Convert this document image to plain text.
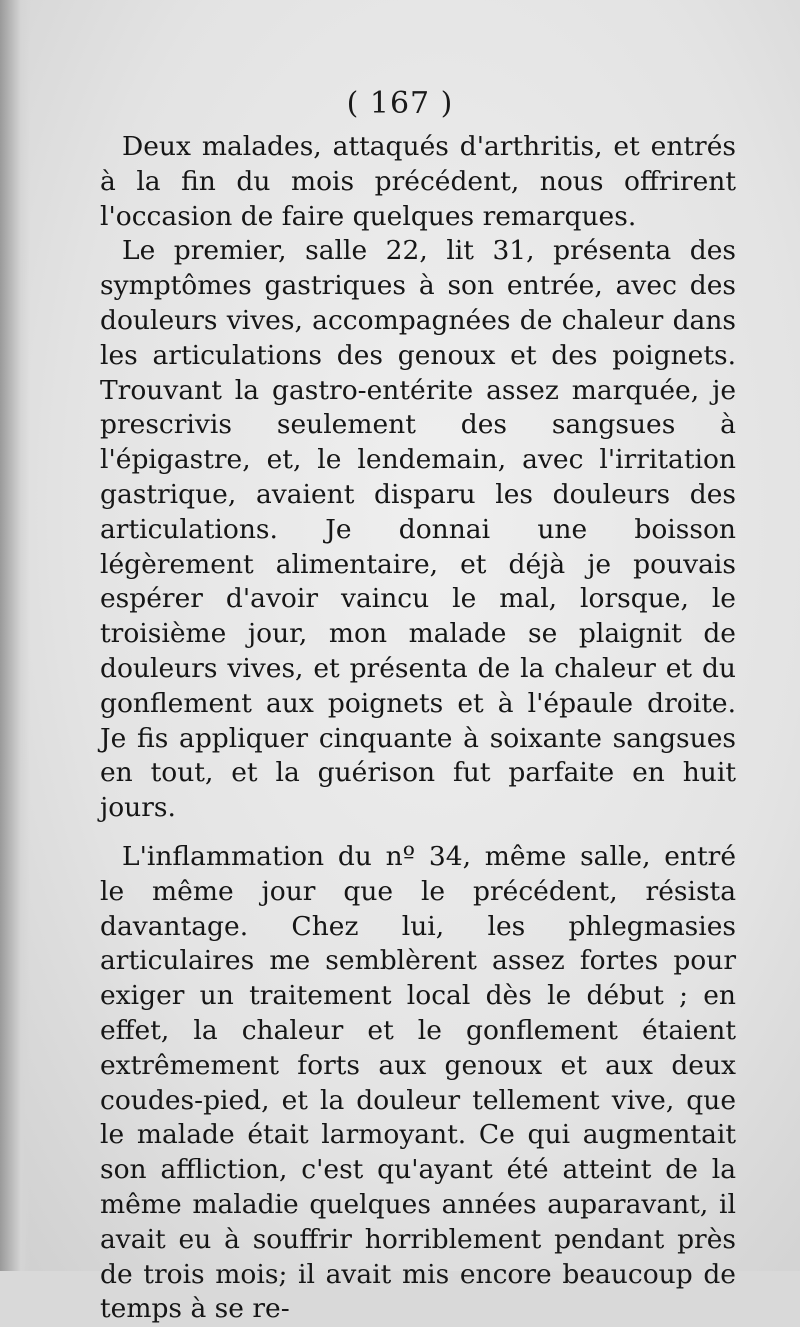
( 167 )

Deux malades, attaqués d'arthritis, et entrés à la fin du mois précédent, nous offrirent l'occasion de faire quelques remarques.

Le premier, salle 22, lit 31, présenta des symptômes gastriques à son entrée, avec des douleurs vives, accompagnées de chaleur dans les articulations des genoux et des poignets. Trouvant la gastro-entérite assez marquée, je prescrivis seulement des sangsues à l'épigastre, et, le lendemain, avec l'irritation gastrique, avaient disparu les douleurs des articulations. Je donnai une boisson légèrement alimentaire, et déjà je pouvais espérer d'avoir vaincu le mal, lorsque, le troisième jour, mon malade se plaignit de douleurs vives, et présenta de la chaleur et du gonflement aux poignets et à l'épaule droite. Je fis appliquer cinquante à soixante sangsues en tout, et la guérison fut parfaite en huit jours.

L'inflammation du nº 34, même salle, entré le même jour que le précédent, résista davantage. Chez lui, les phlegmasies articulaires me semblèrent assez fortes pour exiger un traitement local dès le début ; en effet, la chaleur et le gonflement étaient extrêmement forts aux genoux et aux deux coudes-pied, et la douleur tellement vive, que le malade était larmoyant. Ce qui augmentait son affliction, c'est qu'ayant été atteint de la même maladie quelques années auparavant, il avait eu à souffrir horriblement pendant près de trois mois; il avait mis encore beaucoup de temps à se re-
